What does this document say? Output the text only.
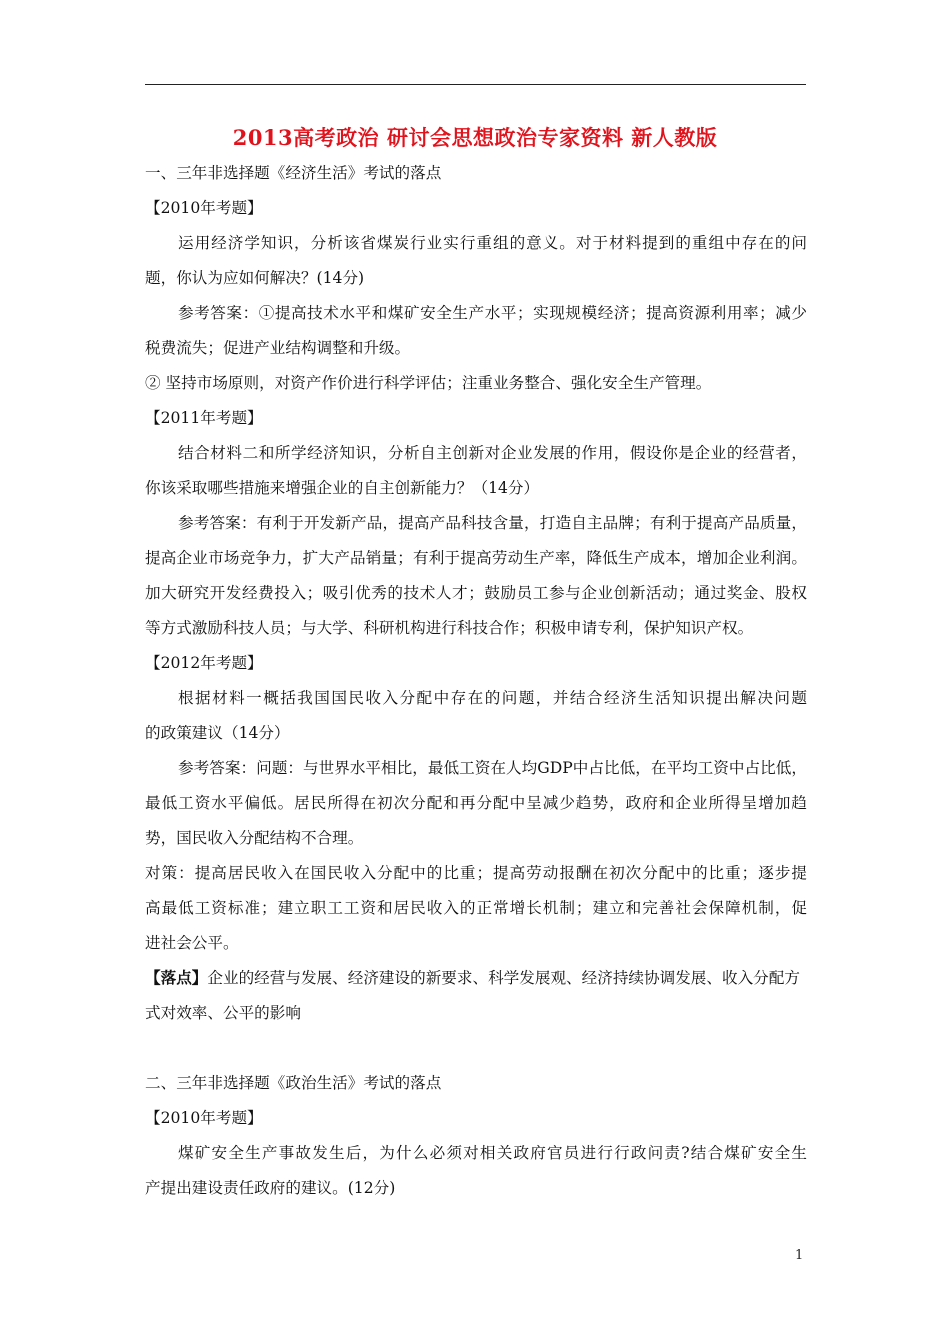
2013高考政治 研讨会思想政治专家资料 新人教版
一、三年非选择题《经济生活》考试的落点
【2010年考题】
运用经济学知识，分析该省煤炭行业实行重组的意义。对于材料提到的重组中存在的问
题，你认为应如何解决？(14分)
参考答案：①提高技术水平和煤矿安全生产水平；实现规模经济；提高资源利用率；减少
税费流失；促进产业结构调整和升级。
② 坚持市场原则，对资产作价进行科学评估；注重业务整合、强化安全生产管理。
【2011年考题】
结合材料二和所学经济知识，分析自主创新对企业发展的作用，假设你是企业的经营者，
你该采取哪些措施来增强企业的自主创新能力？（14分）
参考答案：有利于开发新产品，提高产品科技含量，打造自主品牌；有利于提高产品质量，
提高企业市场竞争力，扩大产品销量；有利于提高劳动生产率，降低生产成本，增加企业利润。
加大研究开发经费投入；吸引优秀的技术人才；鼓励员工参与企业创新活动；通过奖金、股权
等方式激励科技人员；与大学、科研机构进行科技合作；积极申请专利，保护知识产权。
【2012年考题】
根据材料一概括我国国民收入分配中存在的问题，并结合经济生活知识提出解决问题
的政策建议（14分）
参考答案：问题：与世界水平相比，最低工资在人均GDP中占比低，在平均工资中占比低，
最低工资水平偏低。居民所得在初次分配和再分配中呈减少趋势，政府和企业所得呈增加趋
势，国民收入分配结构不合理。
对策：提高居民收入在国民收入分配中的比重；提高劳动报酬在初次分配中的比重；逐步提
高最低工资标准；建立职工工资和居民收入的正常增长机制；建立和完善社会保障机制，促
进社会公平。
【落点】企业的经营与发展、经济建设的新要求、科学发展观、经济持续协调发展、收入分配方
式对效率、公平的影响
二、三年非选择题《政治生活》考试的落点
【2010年考题】
煤矿安全生产事故发生后，为什么必须对相关政府官员进行行政问责?结合煤矿安全生
产提出建设责任政府的建议。(12分)
1
